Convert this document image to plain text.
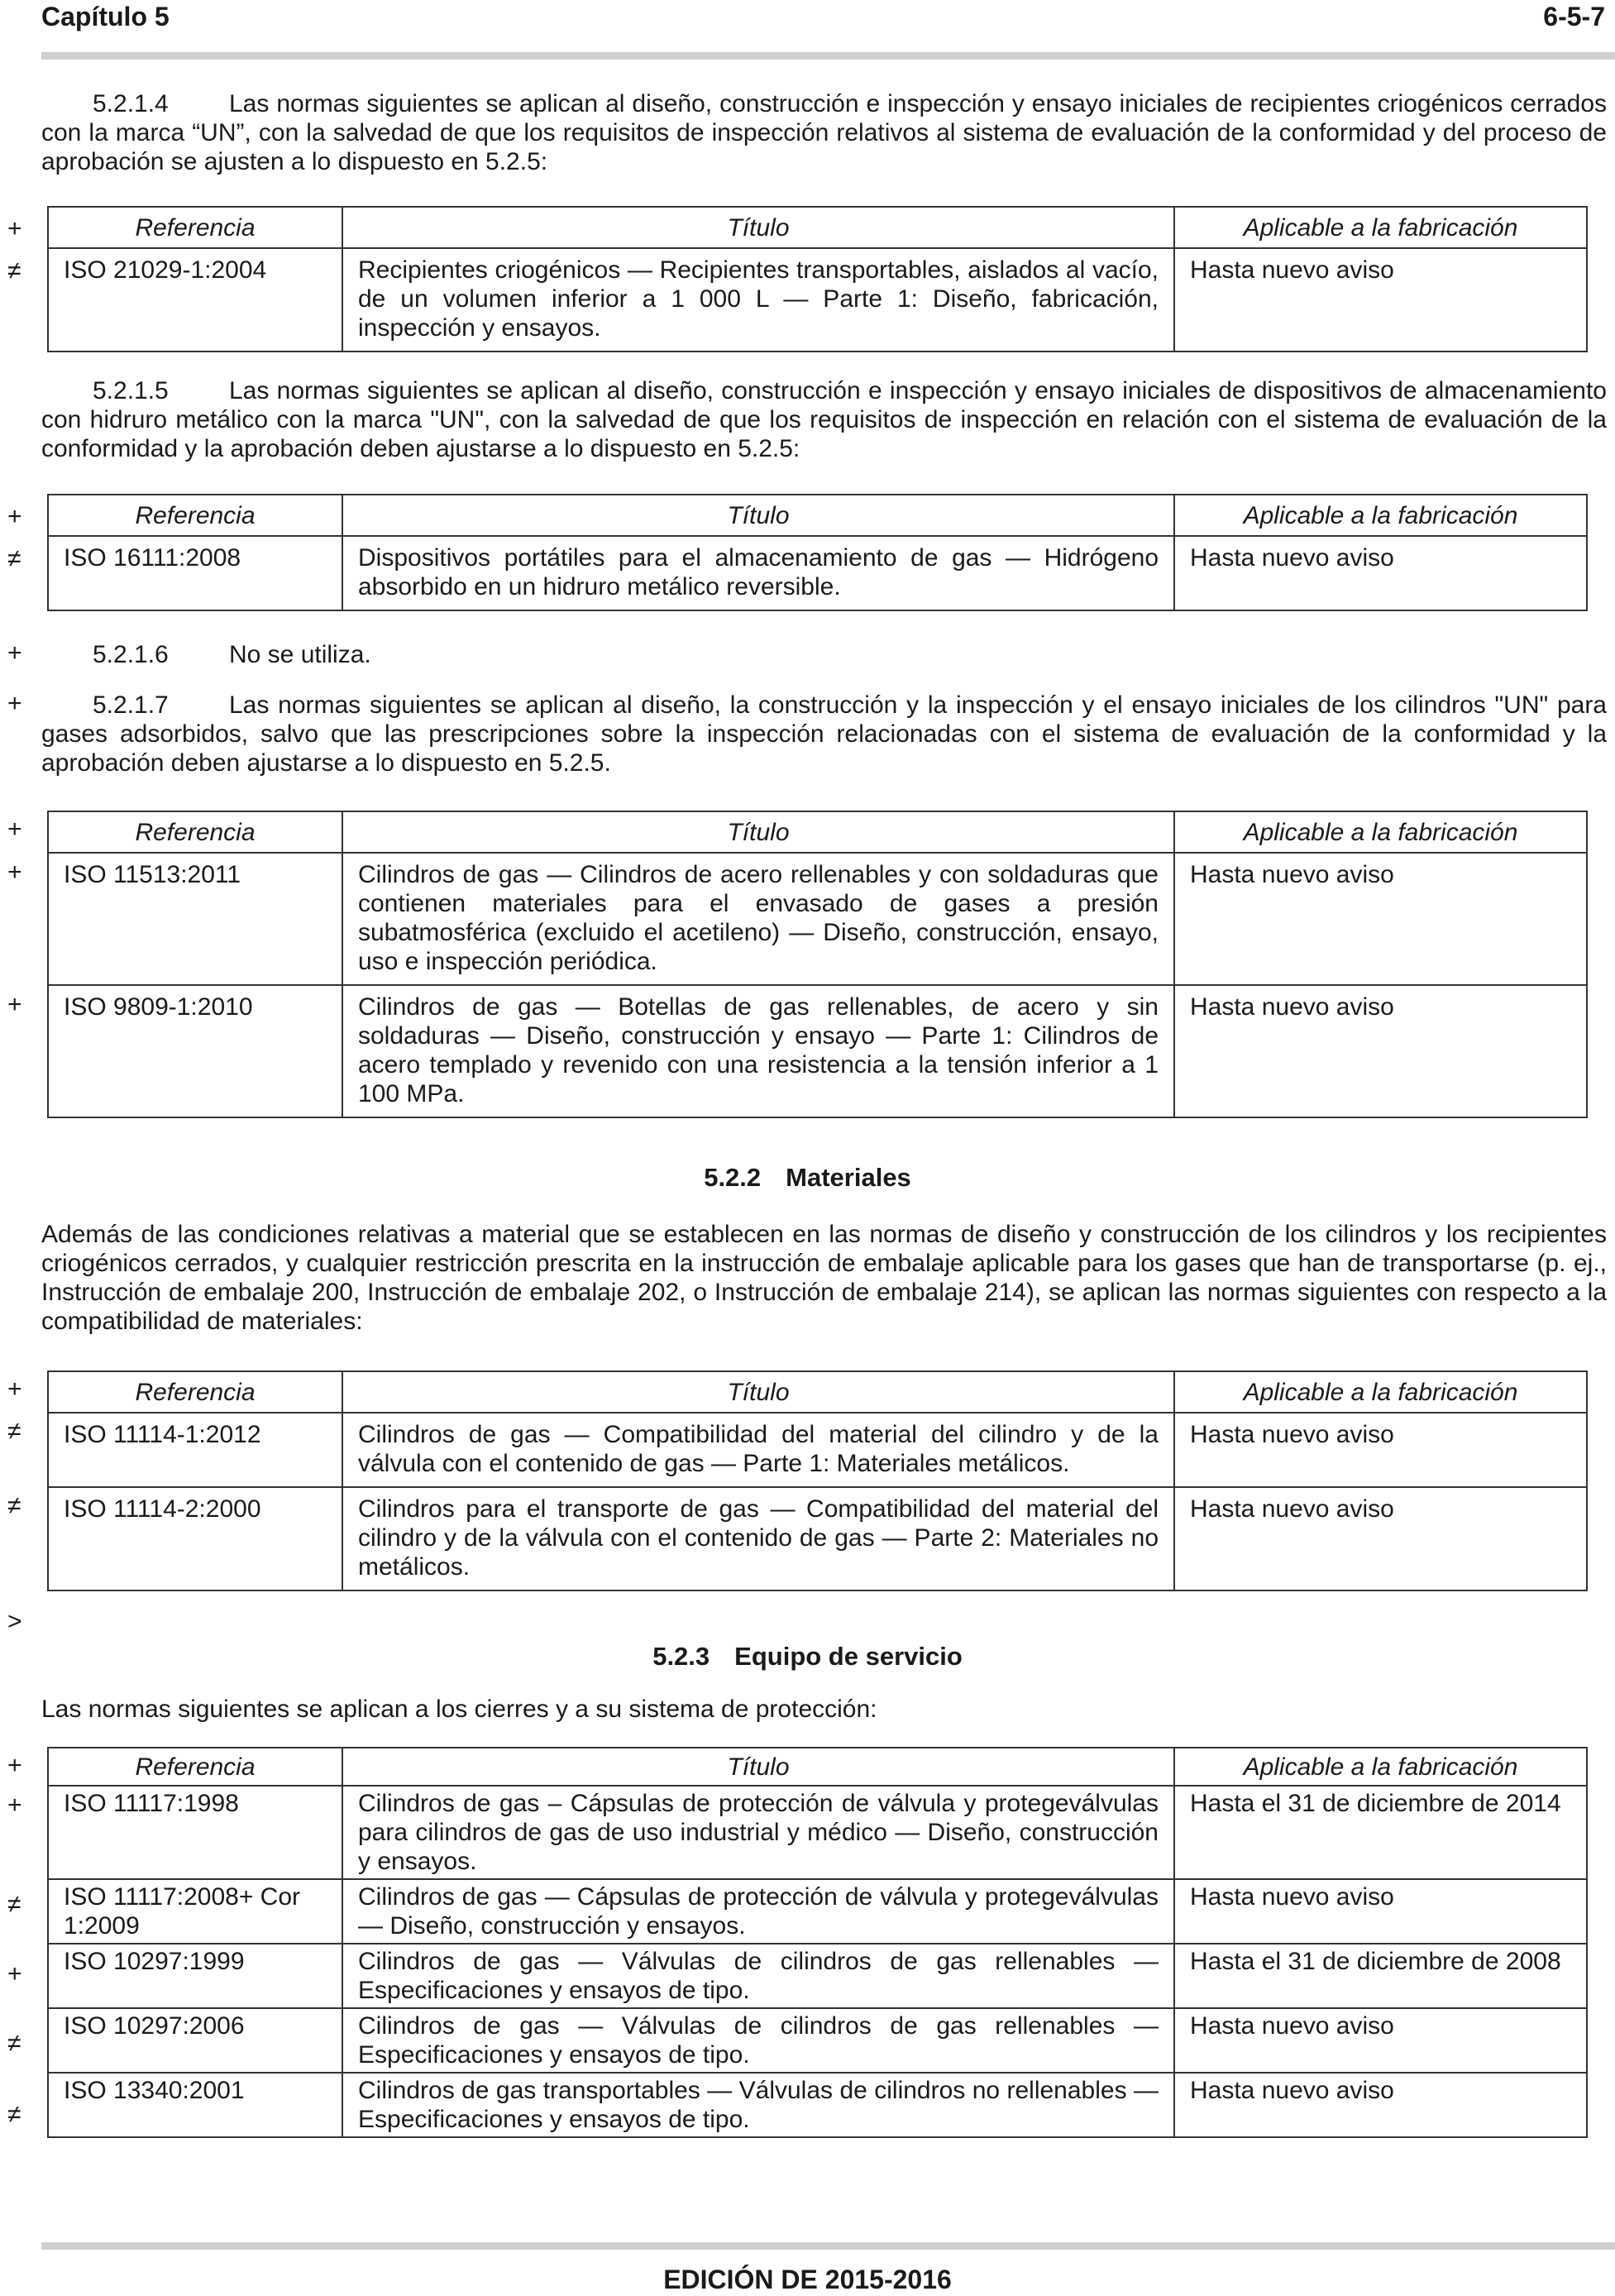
Capítulo 5	6-5-7
5.2.1.4 Las normas siguientes se aplican al diseño, construcción e inspección y ensayo iniciales de recipientes criogénicos cerrados con la marca “UN”, con la salvedad de que los requisitos de inspección relativos al sistema de evaluación de la conformidad y del proceso de aprobación se ajusten a lo dispuesto en 5.2.5:
+
≠
Referencia	Título	Aplicable a la fabricación
ISO 21029-1:2004	Recipientes criogénicos — Recipientes transportables, aislados al vacío, de un volumen inferior a 1 000 L — Parte 1: Diseño, fabricación, inspección y ensayos.	Hasta nuevo aviso
5.2.1.5 Las normas siguientes se aplican al diseño, construcción e inspección y ensayo iniciales de dispositivos de almacenamiento con hidruro metálico con la marca "UN", con la salvedad de que los requisitos de inspección en relación con el sistema de evaluación de la conformidad y la aprobación deben ajustarse a lo dispuesto en 5.2.5:
+
≠
Referencia	Título	Aplicable a la fabricación
ISO 16111:2008	Dispositivos portátiles para el almacenamiento de gas — Hidrógeno absorbido en un hidruro metálico reversible.	Hasta nuevo aviso
+	5.2.1.6 No se utiliza.
+	5.2.1.7 Las normas siguientes se aplican al diseño, la construcción y la inspección y el ensayo iniciales de los cilindros "UN" para gases adsorbidos, salvo que las prescripciones sobre la inspección relacionadas con el sistema de evaluación de la conformidad y la aprobación deben ajustarse a lo dispuesto en 5.2.5.
+
+
+
Referencia	Título	Aplicable a la fabricación
ISO 11513:2011	Cilindros de gas — Cilindros de acero rellenables y con soldaduras que contienen materiales para el envasado de gases a presión subatmosférica (excluido el acetileno) — Diseño, construcción, ensayo, uso e inspección periódica.	Hasta nuevo aviso
ISO 9809-1:2010	Cilindros de gas — Botellas de gas rellenables, de acero y sin soldaduras — Diseño, construcción y ensayo — Parte 1: Cilindros de acero templado y revenido con una resistencia a la tensión inferior a 1 100 MPa.	Hasta nuevo aviso
5.2.2 Materiales
Además de las condiciones relativas a material que se establecen en las normas de diseño y construcción de los cilindros y los recipientes criogénicos cerrados, y cualquier restricción prescrita en la instrucción de embalaje aplicable para los gases que han de transportarse (p. ej., Instrucción de embalaje 200, Instrucción de embalaje 202, o Instrucción de embalaje 214), se aplican las normas siguientes con respecto a la compatibilidad de materiales:
+
≠
≠
Referencia	Título	Aplicable a la fabricación
ISO 11114-1:2012	Cilindros de gas — Compatibilidad del material del cilindro y de la válvula con el contenido de gas — Parte 1: Materiales metálicos.	Hasta nuevo aviso
ISO 11114-2:2000	Cilindros para el transporte de gas — Compatibilidad del material del cilindro y de la válvula con el contenido de gas — Parte 2: Materiales no metálicos.	Hasta nuevo aviso
>
5.2.3 Equipo de servicio
Las normas siguientes se aplican a los cierres y a su sistema de protección:
+
+
≠
+
≠
≠
Referencia	Título	Aplicable a la fabricación
ISO 11117:1998	Cilindros de gas – Cápsulas de protección de válvula y protegeválvulas para cilindros de gas de uso industrial y médico — Diseño, construcción y ensayos.	Hasta el 31 de diciembre de 2014
ISO 11117:2008+ Cor 1:2009	Cilindros de gas — Cápsulas de protección de válvula y protegeválvulas — Diseño, construcción y ensayos.	Hasta nuevo aviso
ISO 10297:1999	Cilindros de gas — Válvulas de cilindros de gas rellenables — Especificaciones y ensayos de tipo.	Hasta el 31 de diciembre de 2008
ISO 10297:2006	Cilindros de gas — Válvulas de cilindros de gas rellenables — Especificaciones y ensayos de tipo.	Hasta nuevo aviso
ISO 13340:2001	Cilindros de gas transportables — Válvulas de cilindros no rellenables — Especificaciones y ensayos de tipo.	Hasta nuevo aviso
EDICIÓN DE 2015-2016
